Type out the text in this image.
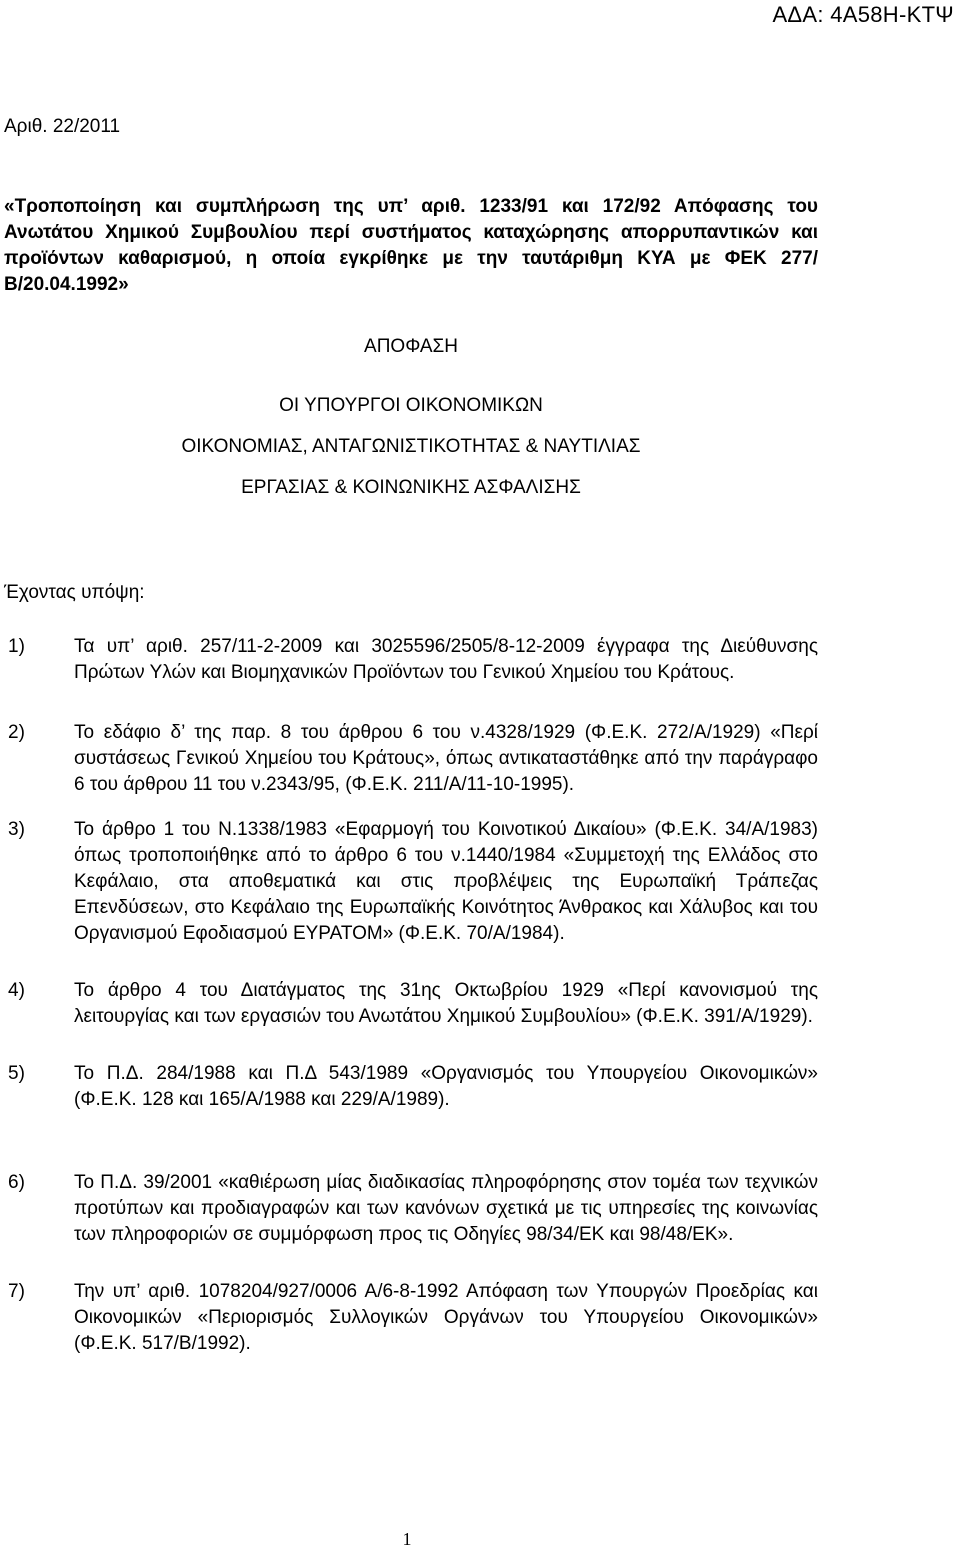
ΑΔΑ: 4Α58Η-ΚΤΨ

Αριθ. 22/2011

«Τροποποίηση και συμπλήρωση της υπ’ αριθ. 1233/91 και 172/92 Απόφασης του Ανωτάτου Χημικού Συμβουλίου περί συστήματος καταχώρησης απορρυπαντικών και προϊόντων καθαρισμού, η οποία εγκρίθηκε με την ταυτάριθμη ΚΥΑ με ΦΕΚ 277/Β/20.04.1992»

ΑΠΟΦΑΣΗ

ΟΙ ΥΠΟΥΡΓΟΙ ΟΙΚΟΝΟΜΙΚΩΝ

ΟΙΚΟΝΟΜΙΑΣ, ΑΝΤΑΓΩΝΙΣΤΙΚΟΤΗΤΑΣ & ΝΑΥΤΙΛΙΑΣ

ΕΡΓΑΣΙΑΣ & ΚΟΙΝΩΝΙΚΗΣ ΑΣΦΑΛΙΣΗΣ

Έχοντας υπόψη:

1)	Τα υπ’ αριθ. 257/11-2-2009 και 3025596/2505/8-12-2009 έγγραφα της Διεύθυνσης Πρώτων Υλών και Βιομηχανικών Προϊόντων του Γενικού Χημείου του Κράτους.
2)	Το εδάφιο δ’ της παρ. 8 του άρθρου 6 του ν.4328/1929 (Φ.Ε.Κ. 272/Α/1929) «Περί συστάσεως Γενικού Χημείου του Κράτους», όπως αντικαταστάθηκε από την παράγραφο 6 του άρθρου 11 του ν.2343/95, (Φ.Ε.Κ. 211/Α/11-10-1995).
3)	Το άρθρο 1 του Ν.1338/1983 «Εφαρμογή του Κοινοτικού Δικαίου» (Φ.Ε.Κ. 34/Α/1983) όπως τροποποιήθηκε από το άρθρο 6 του ν.1440/1984 «Συμμετοχή της Ελλάδος στο Κεφάλαιο, στα αποθεματικά και στις προβλέψεις της Ευρωπαϊκή Τράπεζας Επενδύσεων, στο Κεφάλαιο της Ευρωπαϊκής Κοινότητος Άνθρακος και Χάλυβος και του Οργανισμού Εφοδιασμού ΕΥΡΑΤΟΜ» (Φ.Ε.Κ. 70/Α/1984).
4)	Το άρθρο 4 του Διατάγματος της 31ης Οκτωβρίου 1929 «Περί κανονισμού της λειτουργίας και των εργασιών του Ανωτάτου Χημικού Συμβουλίου» (Φ.Ε.Κ. 391/Α/1929).
5)	Το Π.Δ. 284/1988 και Π.Δ 543/1989 «Οργανισμός του Υπουργείου Οικονομικών» (Φ.Ε.Κ. 128 και 165/Α/1988 και 229/Α/1989).
6)	Το Π.Δ. 39/2001 «καθιέρωση μίας διαδικασίας πληροφόρησης στον τομέα των τεχνικών προτύπων και προδιαγραφών και των κανόνων σχετικά με τις υπηρεσίες της κοινωνίας των πληροφοριών σε συμμόρφωση προς τις Οδηγίες 98/34/ΕΚ και 98/48/ΕΚ».
7)	Την υπ’ αριθ. 1078204/927/0006 Α/6-8-1992 Απόφαση των Υπουργών Προεδρίας και Οικονομικών «Περιορισμός Συλλογικών Οργάνων του Υπουργείου Οικονομικών» (Φ.Ε.Κ. 517/Β/1992).
1
